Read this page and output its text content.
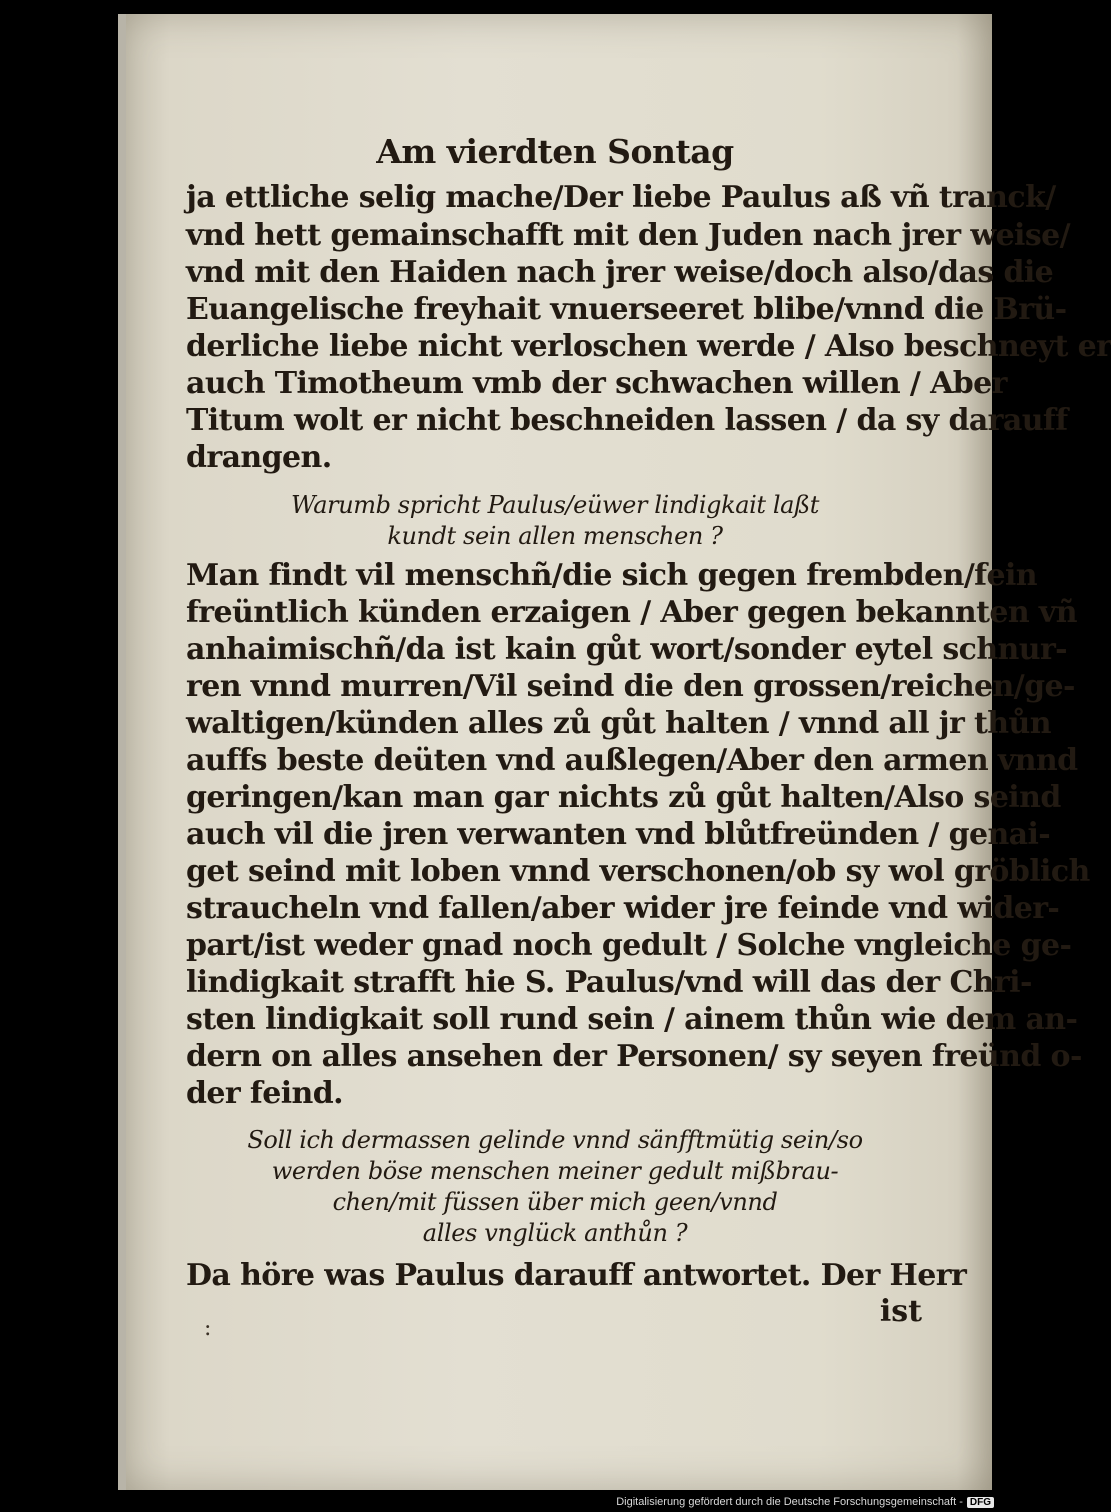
Am vierdten Sontag
ja ettliche selig mache/Der liebe Paulus aß vñ tranck/
vnd hett gemainschafft mit den Juden nach jrer weise/
vnd mit den Haiden nach jrer weise/doch also/das die
Euangelische freyhait vnuerseeret blibe/vnnd die Brü-
derliche liebe nicht verloschen werde / Also beschneyt er
auch Timotheum vmb der schwachen willen / Aber
Titum wolt er nicht beschneiden lassen / da sy darauff
drangen.
Warumb spricht Paulus/eüwer lindigkait laßt
kundt sein allen menschen ?
Man findt vil menschñ/die sich gegen frembden/fein
freüntlich künden erzaigen / Aber gegen bekannten vñ
anhaimischñ/da ist kain gůt wort/sonder eytel schnur-
ren vnnd murren/Vil seind die den grossen/reichen/ge-
waltigen/künden alles zů gůt halten / vnnd all jr thůn
auffs beste deüten vnd außlegen/Aber den armen vnnd
geringen/kan man gar nichts zů gůt halten/Also seind
auch vil die jren verwanten vnd blůtfreünden / genai-
get seind mit loben vnnd verschonen/ob sy wol gröblich
straucheln vnd fallen/aber wider jre feinde vnd wider-
part/ist weder gnad noch gedult / Solche vngleiche ge-
lindigkait strafft hie S. Paulus/vnd will das der Chri-
sten lindigkait soll rund sein / ainem thůn wie dem an-
dern on alles ansehen der Personen/ sy seyen freünd o-
der feind.
Soll ich dermassen gelinde vnnd sänfftmütig sein/so
werden böse menschen meiner gedult mißbrau-
chen/mit füssen über mich geen/vnnd
alles vnglück anthůn ?
Da höre was Paulus darauff antwortet. Der Herr
ist
:
Digitalisierung gefördert durch die Deutsche Forschungsgemeinschaft - DFG
